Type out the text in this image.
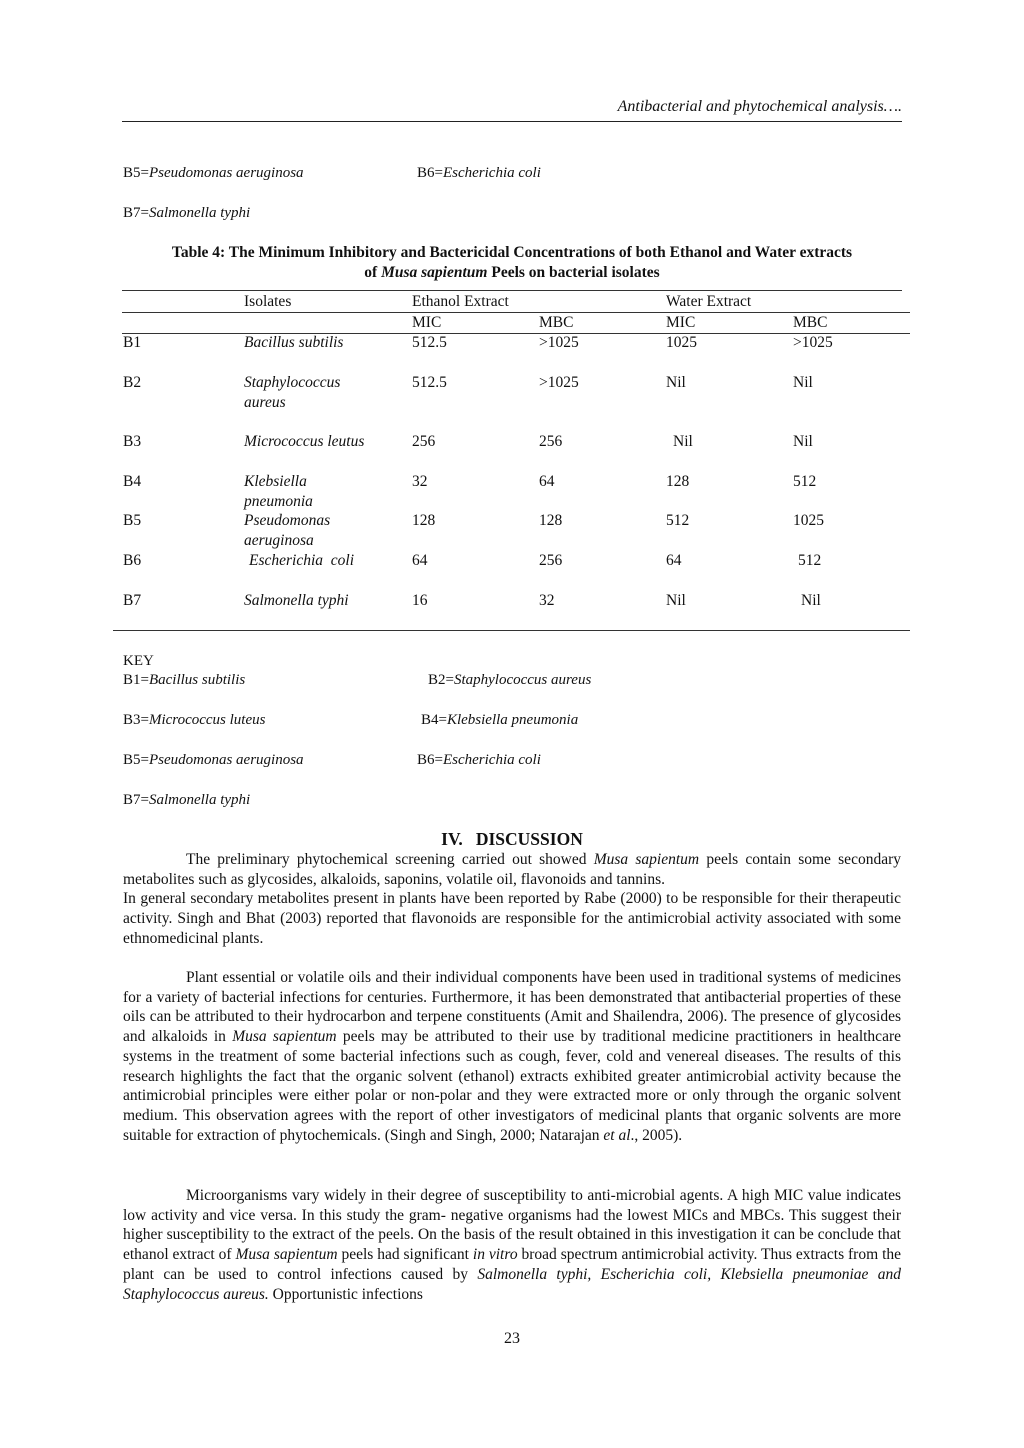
Antibacterial and phytochemical analysis….
B5=Pseudomonas aeruginosa	B6=Escherichia coli
B7=Salmonella typhi
Table 4: The Minimum Inhibitory and Bactericidal Concentrations of both Ethanol and Water extracts
of Musa sapientum Peels on bacterial isolates
Isolates	Ethanol Extract	Water Extract
MIC	MBC	MIC	MBC
B1	Bacillus subtilis	512.5	>1025	1025	>1025
B2	Staphylococcus
aureus
512.5	>1025	Nil	Nil
B3	Micrococcus leutus	256	256	Nil	Nil
B4	Klebsiella
pneumonia
32	64	128	512
B5	Pseudomonas
aeruginosa
128	128	512	1025
B6	Escherichia  coli	64	256	64	512
B7	Salmonella typhi	16	32	Nil	Nil
KEY
B1=Bacillus subtilis	B2=Staphylococcus aureus
B3=Micrococcus luteus	B4=Klebsiella pneumonia
B5=Pseudomonas aeruginosa	B6=Escherichia coli
B7=Salmonella typhi
IV.   DISCUSSION

The preliminary phytochemical screening carried out showed Musa sapientum peels contain some secondary metabolites such as glycosides, alkaloids, saponins, volatile oil, flavonoids and tannins.

In general secondary metabolites present in plants have been reported by Rabe (2000) to be responsible for their therapeutic activity. Singh and Bhat (2003) reported that flavonoids are responsible for the antimicrobial activity associated with some ethnomedicinal plants.

Plant essential or volatile oils and their individual components have been used in traditional systems of medicines for a variety of bacterial infections for centuries. Furthermore, it has been demonstrated that antibacterial properties of these oils can be attributed to their hydrocarbon and terpene constituents (Amit and Shailendra, 2006). The presence of glycosides and alkaloids in Musa sapientum peels may be attributed to their use by traditional medicine practitioners in healthcare systems in the treatment of some bacterial infections such as cough, fever, cold and venereal diseases. The results of this research highlights the fact that the organic solvent (ethanol) extracts exhibited greater antimicrobial activity because the antimicrobial principles were either polar or non-polar and they were extracted more or only through the organic solvent medium. This observation agrees with the report of other investigators of medicinal plants that organic solvents are more suitable for extraction of phytochemicals. (Singh and Singh, 2000; Natarajan et al., 2005).

Microorganisms vary widely in their degree of susceptibility to anti-microbial agents. A high MIC value indicates low activity and vice versa. In this study the gram- negative organisms had the lowest MICs and MBCs. This suggest their higher susceptibility to the extract of the peels. On the basis of the result obtained in this investigation it can be conclude that ethanol extract of Musa sapientum peels had significant in vitro broad spectrum antimicrobial activity. Thus extracts from the plant can be used to control infections caused by Salmonella typhi, Escherichia coli, Klebsiella pneumoniae and Staphylococcus aureus. Opportunistic infections

23
